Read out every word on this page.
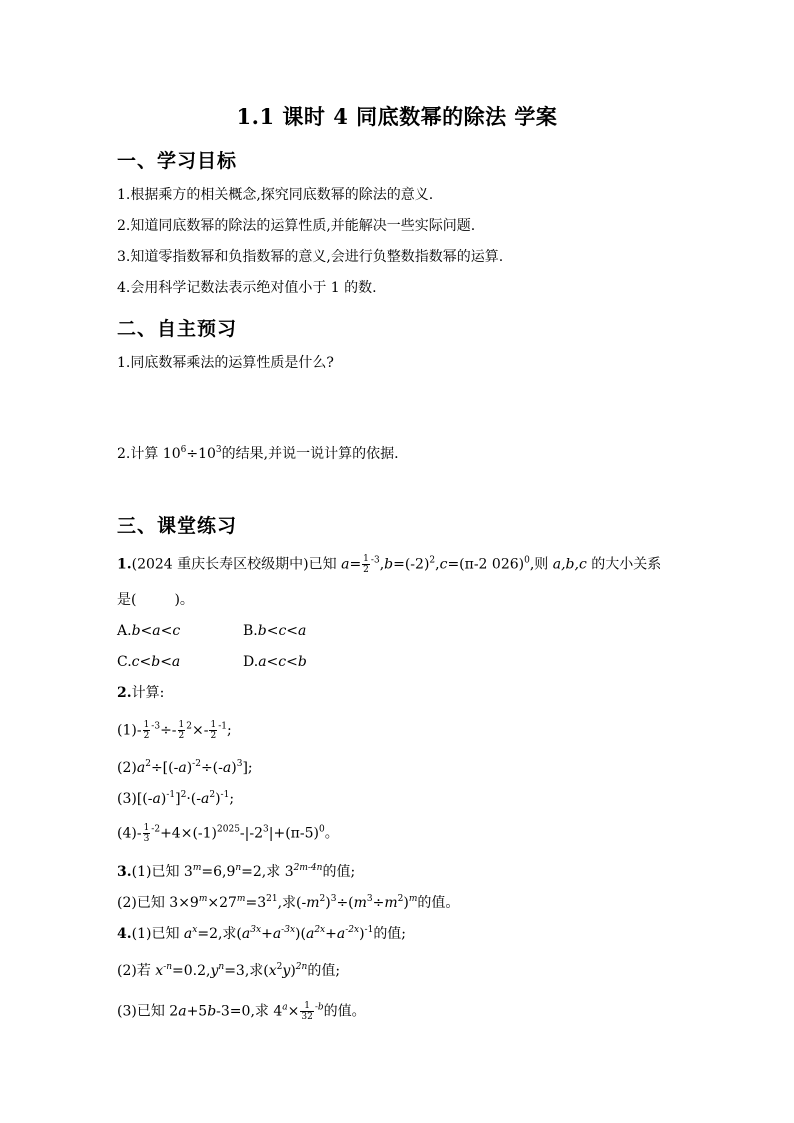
1.1 课时 4 同底数幂的除法 学案
一、学习目标
1.根据乘方的相关概念,探究同底数幂的除法的意义.
2.知道同底数幂的除法的运算性质,并能解决一些实际问题.
3.知道零指数幂和负指数幂的意义,会进行负整数指数幂的运算.
4.会用科学记数法表示绝对值小于 1 的数.
二、自主预习
1.同底数幂乘法的运算性质是什么?
2.计算 $10^6\div 10^3$的结果,并说一说计算的依据.
三、课堂练习
1.(2024 重庆长寿区校级期中)已知 $a= \frac{1}{2} ^{-3},b=(-2)^2,c=(\pi-2$ 026)$^0$,则 a,b,c 的大小关系
是(	)。
A.b<a<c	B.b<c<a
C.c<b<a	D.a<c<b
2.计算:
$(1)- \frac{1}{2} ^{-3}\div- \frac{1}{2} ^2\times- \frac{1}{2} ^{-1}$;
$(2)a^2\div[(-a)^{-2}\div(-a)^3]$;
$(3)[(-a)^{-1}]^2\cdot(-a^2)^{-1}$;
$(4)- \frac{1}{3} ^{-2}+4\times(-1)^{2025}-|-2^3|+(\pi-5)^0$。
3.(1)已知 $3^m=6,9^n=2$,求 $3^{2m-4n}$的值;
(2)已知 $3\times 9^m\times 27^m=3^{21}$,求$(-m^2)^3\div(m^3\div m^2)^m$的值。
4.(1)已知 $a^x=2$,求$(a^{3x}+a^{-3x})(a^{2x}+a^{-2x})^{-1}$的值;
(2)若 $x^{-n}=0.2,y^n=3$,求$(x^2y)^{2n}$的值;
(3)已知 2a+5b-3=0,求 $4^a\times \frac{1}{32} ^{-b}$的值。
